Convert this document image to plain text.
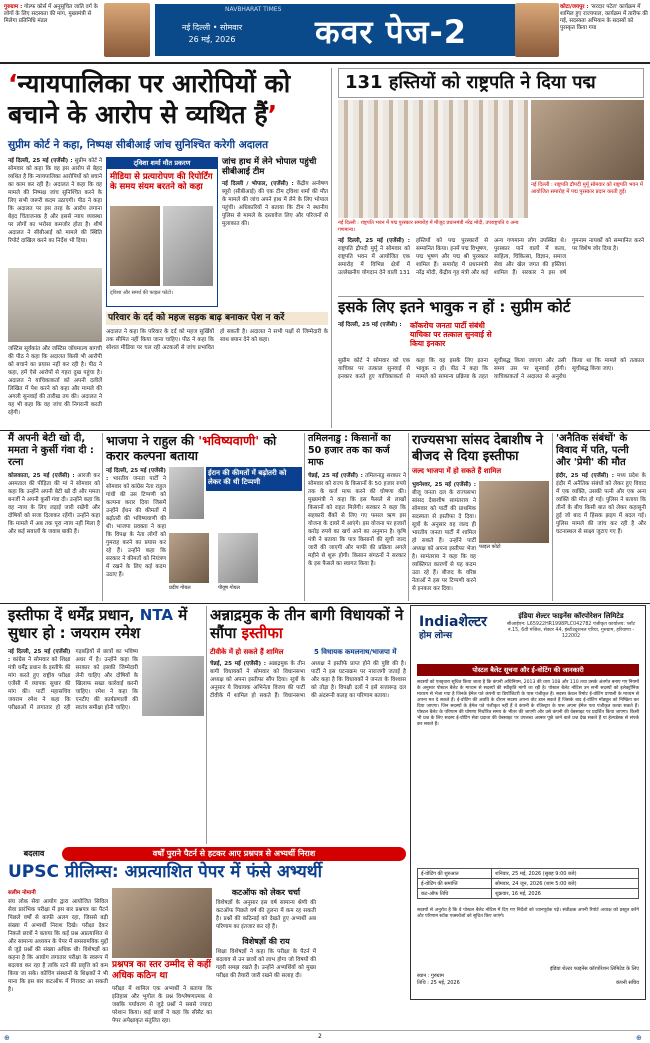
गुरुग्राम : गोल्फ कोर्स में अनुसूचित जाति वर्ग के लोगों के लिए सदस्यता की मांग, मुख्यमंत्री से मिलेगा प्रतिनिधि मंडल
NAVBHARAT TIMES
नई दिल्ली • सोमवार
26 मई, 2026	कवर पेज-2
कोटा/जयपुर : 'सरदार पटेल' कार्यक्रम में शामिल हुए राज्यपाल, कार्यक्रम में तारीफ की गई, सदस्यता अभियान के सदस्यों को पुरस्कृत किया गया
‘न्यायपालिका पर आरोपियों को बचाने के आरोप से व्यथित हैं’
सुप्रीम कोर्ट ने कहा, निष्पक्ष सीबीआई जांच सुनिश्चित करेगी अदालत
नई दिल्ली, 25 मई (एजेंसी) : सुप्रीम कोर्ट ने सोमवार को कहा कि वह इस आरोप से बेहद व्यथित है कि न्यायपालिका आरोपियों को बचाने का काम कर रही है। अदालत ने कहा कि वह मामले की निष्पक्ष जांच सुनिश्चित करने के लिए सभी जरूरी कदम उठाएगी। पीठ ने कहा कि अदालत पर इस तरह के आरोप लगाना बेहद चिंताजनक है और इससे न्याय व्यवस्था पर लोगों का भरोसा कमजोर होता है। शीर्ष अदालत ने सीबीआई को मामले की स्थिति रिपोर्ट दाखिल करने का निर्देश भी दिया।
जस्टिस सूर्यकांत और जस्टिस जॉयमाल्य बागची की पीठ ने कहा कि अदालत किसी भी आरोपी को बचाने का प्रयास नहीं कर रही है। पीठ ने कहा, हमें ऐसे आरोपों से गहरा दुख पहुंचा है। अदालत ने याचिकाकर्ता को अपनी दलीलें लिखित में पेश करने को कहा और मामले की अगली सुनवाई की तारीख तय की। अदालत ने यह भी कहा कि वह जांच की निगरानी करती रहेगी।
ट्विशा शर्मा मौत प्रकरण
मीडिया से प्रत्यारोपण की रिपोर्टिंग के समय संयम बरतने को कहा
ट्विशा और समर्थ की फाइल फोटो।
जांच हाथ में लेने भोपाल पहुंची सीबीआई टीम
नई दिल्ली / भोपाल, (एजेंसी) : केंद्रीय अन्वेषण ब्यूरो (सीबीआई) की एक टीम ट्विशा शर्मा की मौत के मामले की जांच अपने हाथ में लेने के लिए भोपाल पहुंची। अधिकारियों ने बताया कि टीम ने स्थानीय पुलिस से मामले के दस्तावेज लिए और परिजनों से मुलाकात की।
परिवार के दर्द को महज सड़क बाढ़ बनाकर पेश न करें
अदालत ने कहा कि परिवार के दर्द को महज सुर्खियों तक सीमित नहीं किया जाना चाहिए। पीठ ने कहा कि सोशल मीडिया पर चल रही अटकलों से जांच प्रभावित हो सकती है। अदालत ने सभी पक्षों से जिम्मेदारी के साथ बयान देने को कहा।
131 हस्तियों को राष्ट्रपति ने दिया पद्म
नई दिल्ली : राष्ट्रपति द्रौपदी मुर्मू सोमवार को राष्ट्रपति भवन में आयोजित समारोह में पद्म पुरस्कार प्रदान करती हुईं।
नई दिल्ली : राष्ट्रपति भवन में पद्म पुरस्कार समारोह में मौजूद प्रधानमंत्री नरेंद्र मोदी, उपराष्ट्रपति व अन्य गणमान्य।
नई दिल्ली, 25 मई (एजेंसी) : राष्ट्रपति द्रौपदी मुर्मू ने सोमवार को राष्ट्रपति भवन में आयोजित एक समारोह में विभिन्न क्षेत्रों में उल्लेखनीय योगदान देने वाली 131 हस्तियों को पद्म पुरस्कारों से सम्मानित किया। इनमें पद्म विभूषण, पद्म भूषण और पद्म श्री पुरस्कार शामिल हैं। समारोह में प्रधानमंत्री नरेंद्र मोदी, केंद्रीय गृह मंत्री और कई अन्य गणमान्य लोग उपस्थित थे। पुरस्कार पाने वालों में कला, साहित्य, चिकित्सा, विज्ञान, समाज सेवा और खेल जगत की हस्तियां शामिल हैं। सरकार ने इस वर्ष गुमनाम नायकों को सम्मानित करने पर विशेष जोर दिया है।
इसके लिए इतने भावुक न हों : सुप्रीम कोर्ट
नई दिल्ली, 25 मई (एजेंसी) :	कॉकरोच जनता पार्टी संबंधी याचिका पर तत्काल सुनवाई से किया इनकार
सुप्रीम कोर्ट ने सोमवार को एक याचिका पर तत्काल सुनवाई से इनकार करते हुए याचिकाकर्ता से कहा कि वह इसके लिए इतना भावुक न हो। पीठ ने कहा कि मामले को सामान्य प्रक्रिया के तहत सूचीबद्ध किया जाएगा और उसी समय उस पर सुनवाई होगी। याचिकाकर्ता ने अदालत से अनुरोध किया था कि मामले को तत्काल सूचीबद्ध किया जाए।
मैं अपनी बेटी खो दी, ममता ने कुर्सी गंवा दी : रत्ना
कोलकाता, 25 मई (एजेंसी) : आरजी कर अस्पताल की पीड़िता की मां ने सोमवार को कहा कि उन्होंने अपनी बेटी खो दी और ममता बनर्जी ने अपनी कुर्सी गंवा दी। उन्होंने कहा कि वह न्याय के लिए लड़ाई जारी रखेंगी और दोषियों को सजा दिलाकर रहेंगी। उन्होंने कहा कि मामले में अब तक पूरा न्याय नहीं मिला है और कई सवालों के जवाब बाकी हैं।
भाजपा ने राहुल की 'भविष्यवाणी' को करार कल्पना बताया
नई दिल्ली, 25 मई (एजेंसी) : भारतीय जनता पार्टी ने सोमवार को कांग्रेस नेता राहुल गांधी की उस टिप्पणी को कल्पना करार दिया जिसमें उन्होंने ईंधन की कीमतों में बढ़ोतरी की भविष्यवाणी की थी। भाजपा प्रवक्ता ने कहा कि विपक्ष के नेता लोगों को गुमराह करने का प्रयास कर रहे हैं। उन्होंने कहा कि सरकार ने कीमतों को नियंत्रण में रखने के लिए कई कदम उठाए हैं।
ईरान की कीमतों में बढ़ोतरी को लेकर की थी टिप्पणी
प्रदीप गोयल	पीयूष गोयल
तमिलनाडु : किसानों का 50 हजार तक का कर्ज माफ
चेन्नई, 25 मई (एजेंसी) : तमिलनाडु सरकार ने सोमवार को राज्य के किसानों के 50 हजार रुपये तक के कर्ज माफ करने की घोषणा की। मुख्यमंत्री ने कहा कि इस फैसले से लाखों किसानों को राहत मिलेगी। सरकार ने कहा कि सहकारी बैंकों से लिए गए फसल ऋण इस योजना के दायरे में आएंगे। इस योजना पर हजारों करोड़ रुपये का खर्च आने का अनुमान है। कृषि मंत्री ने बताया कि पात्र किसानों की सूची जल्द जारी की जाएगी और माफी की प्रक्रिया अगले महीने से शुरू होगी। किसान संगठनों ने सरकार के इस फैसले का स्वागत किया है।
राज्यसभा सांसद देबाशीष ने बीजद से दिया इस्तीफा
जल्द भाजपा में हो सकते हैं शामिल
भुवनेश्वर, 25 मई (एजेंसी) : बीजू जनता दल के राज्यसभा सांसद देबाशीष सामंतराय ने सोमवार को पार्टी की प्राथमिक सदस्यता से इस्तीफा दे दिया। सूत्रों के अनुसार वह जल्द ही भारतीय जनता पार्टी में शामिल हो सकते हैं। उन्होंने पार्टी अध्यक्ष को अपना इस्तीफा भेजा है। सामंतराय ने कहा कि वह व्यक्तिगत कारणों से यह कदम उठा रहे हैं। बीजद के वरिष्ठ नेताओं ने इस पर टिप्पणी करने से इनकार कर दिया।
फाइल फोटो
'अनैतिक संबंधों' के विवाद में पति, पत्नी और 'प्रेमी' की मौत
इंदौर, 25 मई (एजेंसी) : मध्य प्रदेश के इंदौर में अनैतिक संबंधों को लेकर हुए विवाद में एक व्यक्ति, उसकी पत्नी और एक अन्य व्यक्ति की मौत हो गई। पुलिस ने बताया कि तीनों के बीच किसी बात को लेकर कहासुनी हुई जो बाद में हिंसक झड़प में बदल गई। पुलिस मामले की जांच कर रही है और घटनास्थल से साक्ष्य जुटाए गए हैं।
इस्तीफा दें धर्मेंद्र प्रधान, NTA में सुधार हो : जयराम रमेश
नई दिल्ली, 25 मई (एजेंसी) : कांग्रेस ने सोमवार को शिक्षा मंत्री धर्मेंद्र प्रधान के इस्तीफे की मांग करते हुए राष्ट्रीय परीक्षा एजेंसी में व्यापक सुधार की मांग की। पार्टी महासचिव जयराम रमेश ने कहा कि परीक्षाओं में लगातार हो रही गड़बड़ियों से छात्रों का भविष्य अधर में है। उन्होंने कहा कि सरकार को इसकी जिम्मेदारी लेनी चाहिए और दोषियों के खिलाफ सख्त कार्रवाई करनी चाहिए। रमेश ने कहा कि एनटीए की कार्यप्रणाली की स्वतंत्र समीक्षा होनी चाहिए।
अन्नाद्रमुक के तीन बागी विधायकों ने सौंपा इस्तीफा
टीवीके में हो सकते हैं शामिल	5 विधायक कमलनाथ/भाजपा में
चेन्नई, 25 मई (एजेंसी) : अन्नाद्रमुक के तीन बागी विधायकों ने सोमवार को विधानसभा अध्यक्ष को अपना इस्तीफा सौंप दिया। सूत्रों के अनुसार ये विधायक अभिनेता विजय की पार्टी टीवीके में शामिल हो सकते हैं। विधानसभा अध्यक्ष ने इस्तीफे प्राप्त होने की पुष्टि की है। पार्टी ने इस घटनाक्रम पर नाराजगी जताई है और कहा है कि विधायकों ने जनता के विश्वास को तोड़ा है। विपक्षी दलों ने इसे सत्तारूढ़ दल की अंदरूनी कलह का परिणाम बताया।
Indiaशेल्टर
होम लोन्स
इंडिया शेल्टर फाइनेंस कॉरपोरेशन लिमिटेड
सीआईएन: L65922HR1998PLC042782 पंजीकृत कार्यालय: प्लॉट नं.15, 6वीं मंजिल, सेक्टर 44, इंस्टीट्यूशनल एरिया, गुरुग्राम, हरियाणा - 122002
पोस्टल बैलेट सूचना और ई-वोटिंग की जानकारी
सदस्यों को एतद्द्वारा सूचित किया जाता है कि कंपनी अधिनियम, 2013 की धारा 108 और 110 तथा उसके अंतर्गत बनाए गए नियमों के अनुसार पोस्टल बैलेट के माध्यम से सदस्यों की स्वीकृति मांगी जा रही है। पोस्टल बैलेट नोटिस उन सभी सदस्यों को इलेक्ट्रॉनिक माध्यम से भेजा गया है जिनके ईमेल पते कंपनी या डिपॉजिटरी के पास पंजीकृत हैं। सदस्य केवल रिमोट ई-वोटिंग प्रणाली के माध्यम से अपना मत दे सकते हैं। ई-वोटिंग की अवधि के दौरान सदस्य अपना वोट डाल सकते हैं जिसके बाद ई-वोटिंग मॉड्यूल को निष्क्रिय कर दिया जाएगा। जिन सदस्यों के ईमेल पते पंजीकृत नहीं हैं वे कंपनी के रजिस्ट्रार के पास अपना ईमेल पता पंजीकृत करवा सकते हैं। पोस्टल बैलेट के परिणाम की घोषणा निर्धारित समय के भीतर की जाएगी और उसे कंपनी की वेबसाइट पर प्रदर्शित किया जाएगा। किसी भी प्रश्न के लिए सदस्य ई-वोटिंग सेवा प्रदाता की वेबसाइट पर उपलब्ध अक्सर पूछे जाने वाले प्रश्न देख सकते हैं या हेल्पडेस्क से संपर्क कर सकते हैं।
ई-वोटिंग की शुरुआत	शनिवार, 25 मई, 2026 (सुबह 9:00 बजे)
ई-वोटिंग की समाप्ति	सोमवार, 24 जून, 2026 (शाम 5:00 बजे)
कट-ऑफ तिथि	शुक्रवार, 16 मई, 2026
सदस्यों से अनुरोध है कि वे पोस्टल बैलेट नोटिस में दिए गए निर्देशों को ध्यानपूर्वक पढ़ें। संवीक्षक अपनी रिपोर्ट अध्यक्ष को प्रस्तुत करेंगे और परिणाम स्टॉक एक्सचेंजों को सूचित किए जाएंगे।
इंडिया शेल्टर फाइनेंस कॉरपोरेशन लिमिटेड के लिए
स्थान : गुरुग्राम
तिथि : 25 मई, 2026	कंपनी सचिव
बदलाव	वर्षों पुराने पैटर्न से हटकर आए प्रश्नपत्र से अभ्यर्थी निराश
UPSC प्रीलिम्स: अप्रत्याशित पेपर में फंसे अभ्यर्थी
सलीम नोमानी
संघ लोक सेवा आयोग द्वारा आयोजित सिविल सेवा प्रारंभिक परीक्षा में इस बार प्रश्नपत्र का पैटर्न पिछले वर्षों से काफी अलग रहा, जिससे बड़ी संख्या में अभ्यर्थी निराश दिखे। परीक्षा देकर निकले छात्रों ने बताया कि कई प्रश्न अप्रत्याशित थे और सामान्य अध्ययन के पेपर में समसामयिक मुद्दों से जुड़े प्रश्नों की संख्या अधिक थी। विशेषज्ञों का कहना है कि आयोग लगातार परीक्षा के स्वरूप में बदलाव कर रहा है ताकि रटने की प्रवृत्ति को कम किया जा सके। कोचिंग संस्थानों के शिक्षकों ने भी माना कि इस बार कटऑफ में गिरावट आ सकती है।
प्रश्नपत्र का स्तर उम्मीद से कहीं अधिक कठिन था
परीक्षा में शामिल एक अभ्यर्थी ने बताया कि इतिहास और भूगोल के प्रश्न विश्लेषणात्मक थे जबकि पर्यावरण से जुड़े प्रश्नों ने सबसे ज्यादा परेशान किया। कई छात्रों ने कहा कि सीसैट का पेपर अपेक्षाकृत संतुलित रहा।
कटऑफ को लेकर चर्चा
विशेषज्ञों के अनुसार इस वर्ष सामान्य श्रेणी की कटऑफ पिछले वर्ष की तुलना में कम रह सकती है। प्रश्नों की कठिनाई को देखते हुए अभ्यर्थी अब परिणाम का इंतजार कर रहे हैं।
विशेषज्ञों की राय
शिक्षा विशेषज्ञों ने कहा कि परीक्षा के पैटर्न में बदलाव से उन छात्रों को लाभ होगा जो विषयों की गहरी समझ रखते हैं। उन्होंने अभ्यर्थियों को मुख्य परीक्षा की तैयारी जारी रखने की सलाह दी।
⊕	2	⊕
